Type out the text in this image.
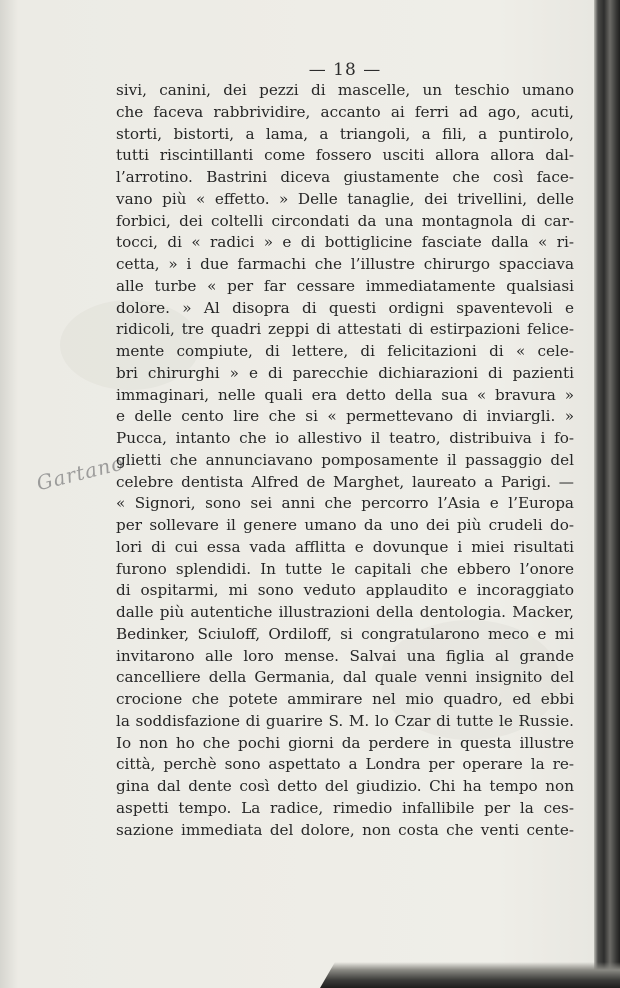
— 18 —
Gartano
sivi, canini, dei pezzi di mascelle, un teschio umano
che faceva rabbrividire, accanto ai ferri ad ago, acuti,
storti, bistorti, a lama, a triangoli, a fili, a puntirolo,
tutti riscintillanti come fossero usciti allora allora dal-
l’arrotino. Bastrini diceva giustamente che così face-
vano più « effetto. » Delle tanaglie, dei trivellini, delle
forbici, dei coltelli circondati da una montagnola di car-
tocci, di « radici » e di bottiglicine fasciate dalla « ri-
cetta, » i due farmachi che l’illustre chirurgo spacciava
alle turbe « per far cessare immediatamente qualsiasi
dolore. » Al disopra di questi ordigni spaventevoli e
ridicoli, tre quadri zeppi di attestati di estirpazioni felice-
mente compiute, di lettere, di felicitazioni di « cele-
bri chirurghi » e di parecchie dichiarazioni di pazienti
immaginari, nelle quali era detto della sua « bravura »
e delle cento lire che si « permettevano di inviargli. »
Pucca, intanto che io allestivo il teatro, distribuiva i fo-
glietti che annunciavano pomposamente il passaggio del
celebre dentista Alfred de Marghet, laureato a Parigi. —
« Signori, sono sei anni che percorro l’Asia e l’Europa
per sollevare il genere umano da uno dei più crudeli do-
lori di cui essa vada afflitta e dovunque i miei risultati
furono splendidi. In tutte le capitali che ebbero l’onore
di ospitarmi, mi sono veduto applaudito e incoraggiato
dalle più autentiche illustrazioni della dentologia. Macker,
Bedinker, Sciuloff, Ordiloff, si congratularono meco e mi
invitarono alle loro mense. Salvai una figlia al grande
cancelliere della Germania, dal quale venni insignito del
crocione che potete ammirare nel mio quadro, ed ebbi
la soddisfazione di guarire S. M. lo Czar di tutte le Russie.
Io non ho che pochi giorni da perdere in questa illustre
città, perchè sono aspettato a Londra per operare la re-
gina dal dente così detto del giudizio. Chi ha tempo non
aspetti tempo. La radice, rimedio infallibile per la ces-
sazione immediata del dolore, non costa che venti cente-
